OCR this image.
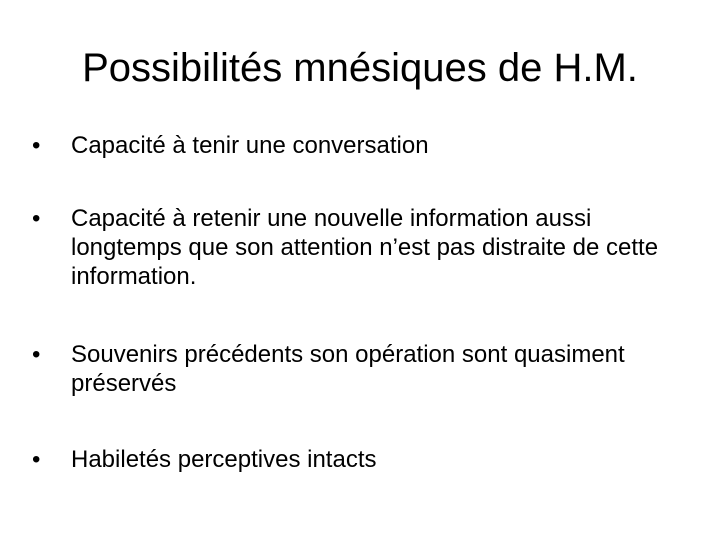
Possibilités mnésiques de H.M.
•	Capacité à tenir une conversation
•	Capacité à retenir une nouvelle information aussi longtemps que son attention n’est pas distraite de cette information.
•	Souvenirs précédents son opération sont quasiment préservés
•	Habiletés perceptives intacts
